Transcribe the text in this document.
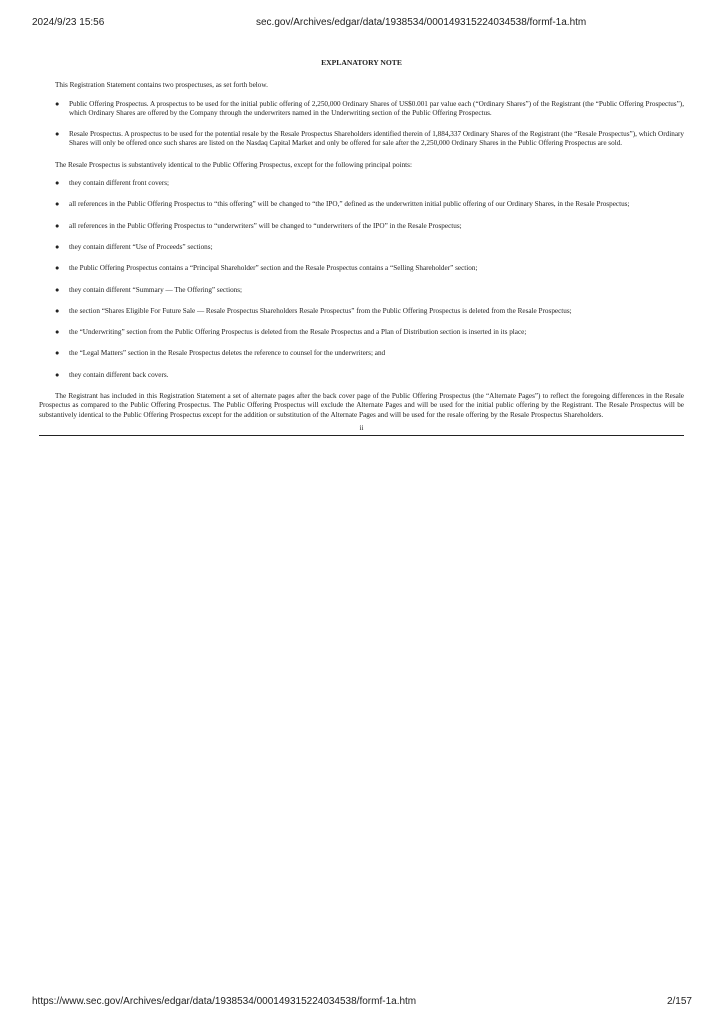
2024/9/23 15:56	sec.gov/Archives/edgar/data/1938534/000149315224034538/formf-1a.htm
EXPLANATORY NOTE

This Registration Statement contains two prospectuses, as set forth below.

● Public Offering Prospectus. A prospectus to be used for the initial public offering of 2,250,000 Ordinary Shares of US$0.001 par value each (“Ordinary Shares”) of the Registrant (the “Public Offering Prospectus”), which Ordinary Shares are offered by the Company through the underwriters named in the Underwriting section of the Public Offering Prospectus.
● Resale Prospectus. A prospectus to be used for the potential resale by the Resale Prospectus Shareholders identified therein of 1,884,337 Ordinary Shares of the Registrant (the “Resale Prospectus”), which Ordinary Shares will only be offered once such shares are listed on the Nasdaq Capital Market and only be offered for sale after the 2,250,000 Ordinary Shares in the Public Offering Prospectus are sold.

The Resale Prospectus is substantively identical to the Public Offering Prospectus, except for the following principal points:

● they contain different front covers;
● all references in the Public Offering Prospectus to “this offering” will be changed to “the IPO,” defined as the underwritten initial public offering of our Ordinary Shares, in the Resale Prospectus;
● all references in the Public Offering Prospectus to “underwriters” will be changed to “underwriters of the IPO” in the Resale Prospectus;
● they contain different “Use of Proceeds” sections;
● the Public Offering Prospectus contains a “Principal Shareholder” section and the Resale Prospectus contains a “Selling Shareholder” section;
● they contain different “Summary — The Offering” sections;
● the section “Shares Eligible For Future Sale — Resale Prospectus Shareholders Resale Prospectus” from the Public Offering Prospectus is deleted from the Resale Prospectus;
● the “Underwriting” section from the Public Offering Prospectus is deleted from the Resale Prospectus and a Plan of Distribution section is inserted in its place;
● the “Legal Matters” section in the Resale Prospectus deletes the reference to counsel for the underwriters; and
● they contain different back covers.

The Registrant has included in this Registration Statement a set of alternate pages after the back cover page of the Public Offering Prospectus (the “Alternate Pages”) to reflect the foregoing differences in the Resale Prospectus as compared to the Public Offering Prospectus. The Public Offering Prospectus will exclude the Alternate Pages and will be used for the initial public offering by the Registrant. The Resale Prospectus will be substantively identical to the Public Offering Prospectus except for the addition or substitution of the Alternate Pages and will be used for the resale offering by the Resale Prospectus Shareholders.

ii
https://www.sec.gov/Archives/edgar/data/1938534/000149315224034538/formf-1a.htm	2/157
